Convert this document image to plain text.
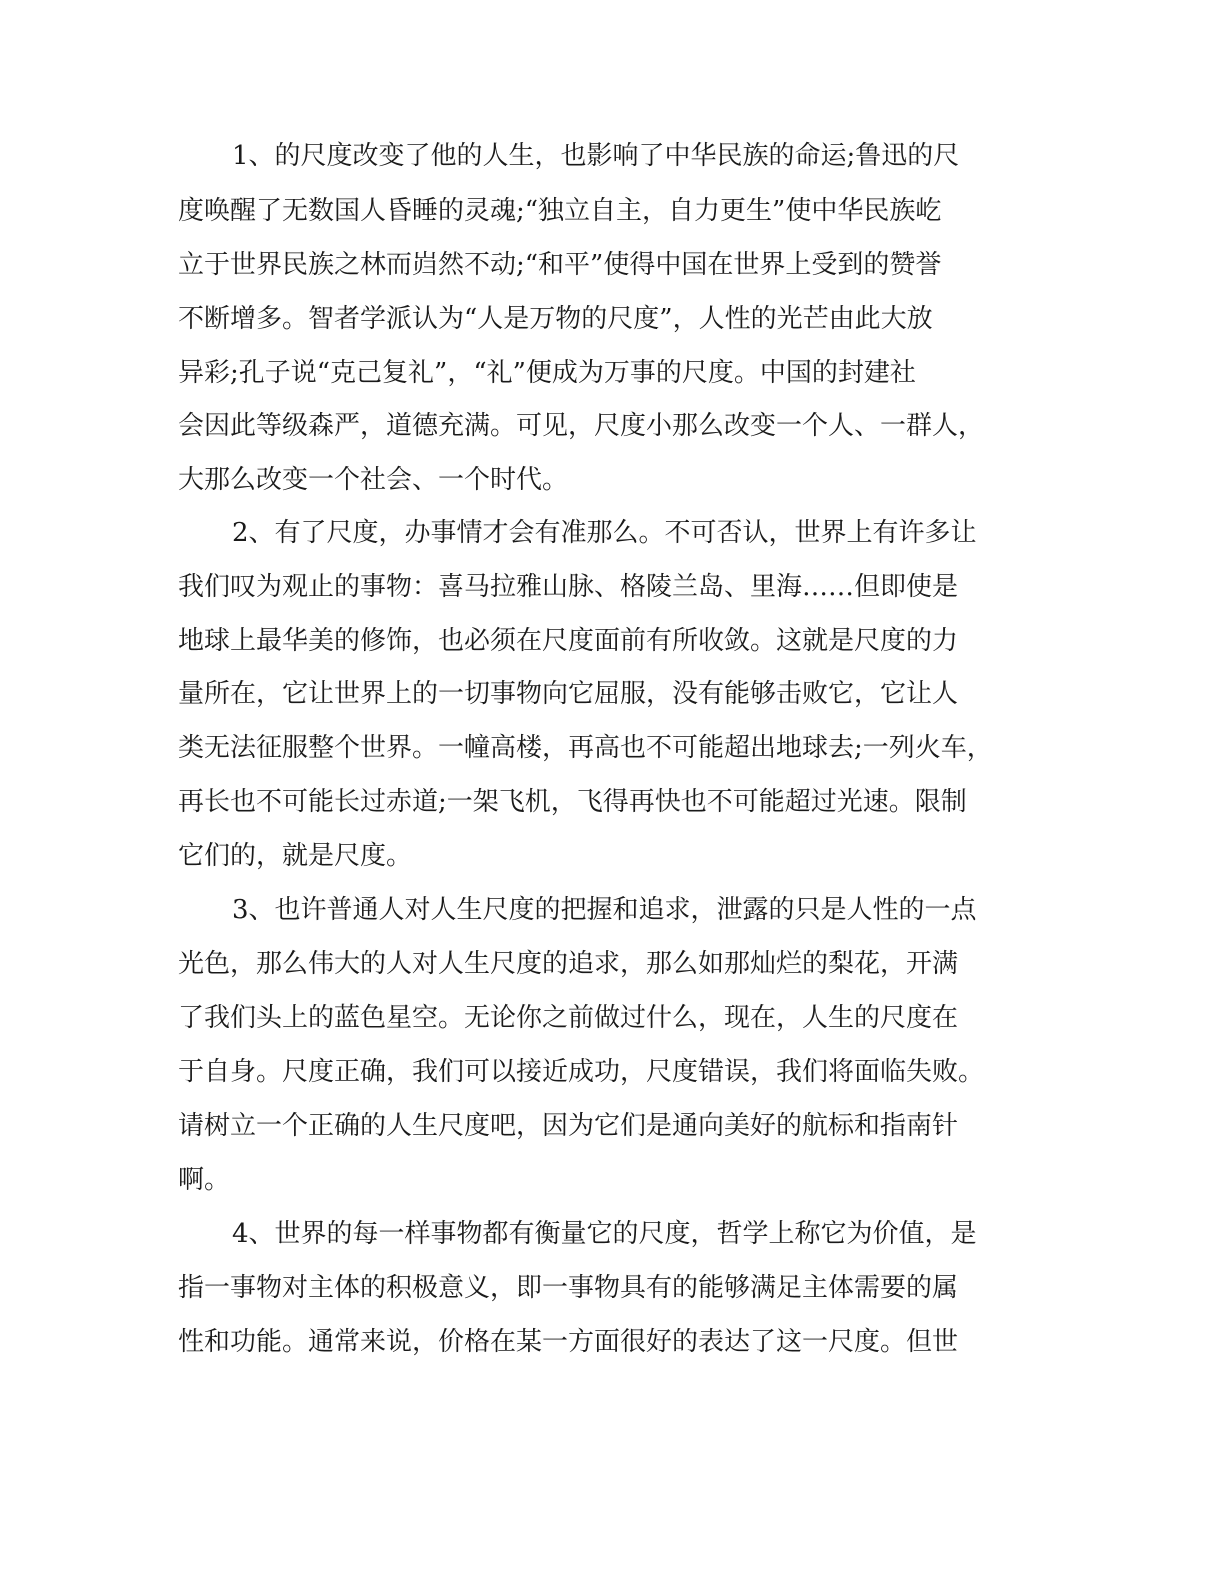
1、的尺度改变了他的人生，也影响了中华民族的命运;鲁迅的尺

度唤醒了无数国人昏睡的灵魂;“独立自主，自力更生”使中华民族屹

立于世界民族之林而岿然不动;“和平”使得中国在世界上受到的赞誉

不断增多。智者学派认为“人是万物的尺度”，人性的光芒由此大放

异彩;孔子说“克己复礼”，“礼”便成为万事的尺度。中国的封建社

会因此等级森严，道德充满。可见，尺度小那么改变一个人、一群人，

大那么改变一个社会、一个时代。

2、有了尺度，办事情才会有准那么。不可否认，世界上有许多让

我们叹为观止的事物：喜马拉雅山脉、格陵兰岛、里海……但即使是

地球上最华美的修饰，也必须在尺度面前有所收敛。这就是尺度的力

量所在，它让世界上的一切事物向它屈服，没有能够击败它，它让人

类无法征服整个世界。一幢高楼，再高也不可能超出地球去;一列火车，

再长也不可能长过赤道;一架飞机，飞得再快也不可能超过光速。限制

它们的，就是尺度。

3、也许普通人对人生尺度的把握和追求，泄露的只是人性的一点

光色，那么伟大的人对人生尺度的追求，那么如那灿烂的梨花，开满

了我们头上的蓝色星空。无论你之前做过什么，现在，人生的尺度在

于自身。尺度正确，我们可以接近成功，尺度错误，我们将面临失败。

请树立一个正确的人生尺度吧，因为它们是通向美好的航标和指南针

啊。

4、世界的每一样事物都有衡量它的尺度，哲学上称它为价值，是

指一事物对主体的积极意义，即一事物具有的能够满足主体需要的属

性和功能。通常来说，价格在某一方面很好的表达了这一尺度。但世
